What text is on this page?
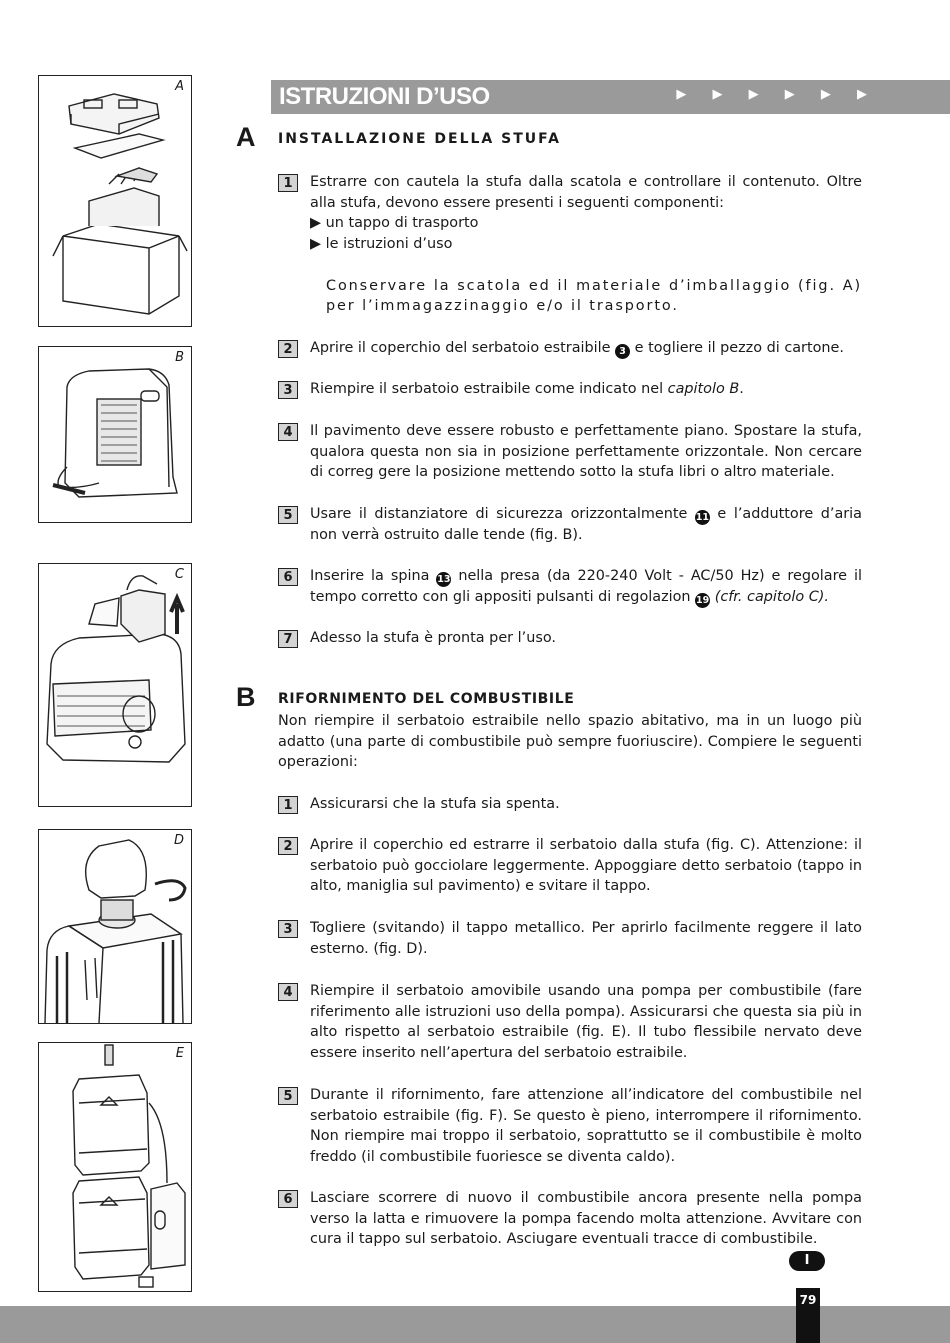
A
B
C
D
E
ISTRUZIONI D’USO	▶ ▶ ▶ ▶ ▶ ▶
A INSTALLAZIONE DELLA STUFA
1	Estrarre con cautela la stufa dalla scatola e controllare il contenuto. Oltre alla stufa, devono essere presenti i seguenti componenti:
▶ un tappo di trasporto
▶ le istruzioni d’uso
Conservare la scatola ed il materiale d’imballaggio (fig. A) per l’immagazzinaggio e/o il trasporto.
2	Aprire il coperchio del serbatoio estraibile 3 e togliere il pezzo di cartone.
3	Riempire il serbatoio estraibile come indicato nel capitolo B.
4	Il pavimento deve essere robusto e perfettamente piano. Spostare la stufa, qualora questa non sia in posizione perfettamente orizzontale. Non cercare di correg gere la posizione mettendo sotto la stufa libri o altro materiale.
5	Usare il distanziatore di sicurezza orizzontalmente 11 e l’adduttore d’aria non verrà ostruito dalle tende (fig. B).
6	Inserire la spina 13 nella presa (da 220-240 Volt - AC/50 Hz) e regolare il tempo corretto con gli appositi pulsanti di regolazion 19 (cfr. capitolo C).
7	Adesso la stufa è pronta per l’uso.
B RIFORNIMENTO DEL COMBUSTIBILE
Non riempire il serbatoio estraibile nello spazio abitativo, ma in un luogo più adatto (una parte di combustibile può sempre fuoriuscire). Compiere le seguenti operazioni:
1	Assicurarsi che la stufa sia spenta.
2	Aprire il coperchio ed estrarre il serbatoio dalla stufa (fig. C). Attenzione: il serbatoio può gocciolare leggermente. Appoggiare detto serbatoio (tappo in alto, maniglia sul pavimento) e svitare il tappo.
3	Togliere (svitando) il tappo metallico. Per aprirlo facilmente reggere il lato esterno. (fig. D).
4	Riempire il serbatoio amovibile usando una pompa per combustibile (fare riferimento alle istruzioni uso della pompa). Assicurarsi che questa sia più in alto rispetto al serbatoio estraibile (fig. E). Il tubo flessibile nervato deve essere inserito nell’apertura del serbatoio estraibile.
5	Durante il rifornimento, fare attenzione all’indicatore del combustibile nel serbatoio estraibile (fig. F). Se questo è pieno, interrompere il rifornimento. Non riempire mai troppo il serbatoio, soprattutto se il combustibile è molto freddo (il combustibile fuoriesce se diventa caldo).
6	Lasciare scorrere di nuovo il combustibile ancora presente nella pompa verso la latta e rimuovere la pompa facendo molta attenzione. Avvitare con cura il tappo sul serbatoio. Asciugare eventuali tracce di combustibile.
I
79
